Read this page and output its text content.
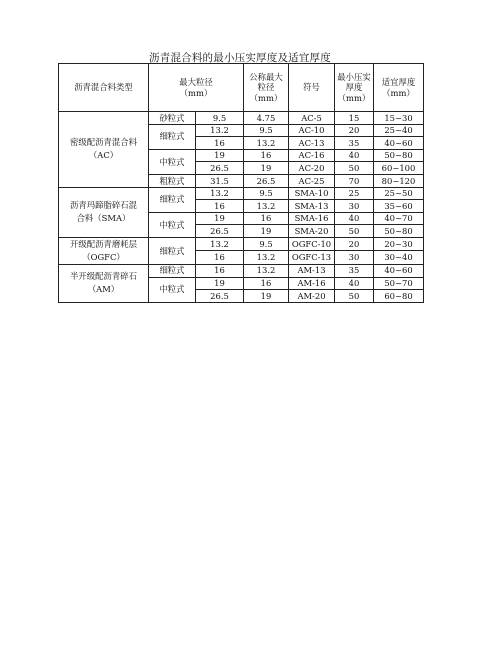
沥青混合料的最小压实厚度及适宜厚度
沥青混合料类型	最大粒径
（mm）		公称最大
粒径
（mm）	符号	最小压实
厚度
（mm）	适宜厚度
（mm）
密级配沥青混合料
（AC）	砂粒式	9.5	4.75	AC-5	15	15~30
	细粒式	13.2	9.5	AC-10	20	25~40
		16	13.2	AC-13	35	40~60
	中粒式	19	16	AC-16	40	50~80
		26.5	19	AC-20	50	60~100
	粗粒式	31.5	26.5	AC-25	70	80~120
沥青玛蹄脂碎石混
合料（SMA）	细粒式	13.2	9.5	SMA-10	25	25~50
		16	13.2	SMA-13	30	35~60
	中粒式	19	16	SMA-16	40	40~70
		26.5	19	SMA-20	50	50~80
开级配沥青磨耗层
（OGFC）	细粒式	13.2	9.5	OGFC-10	20	20~30
		16	13.2	OGFC-13	30	30~40
半开级配沥青碎石
（AM）	细粒式	16	13.2	AM-13	35	40~60
	中粒式	19	16	AM-16	40	50~70
		26.5	19	AM-20	50	60~80
